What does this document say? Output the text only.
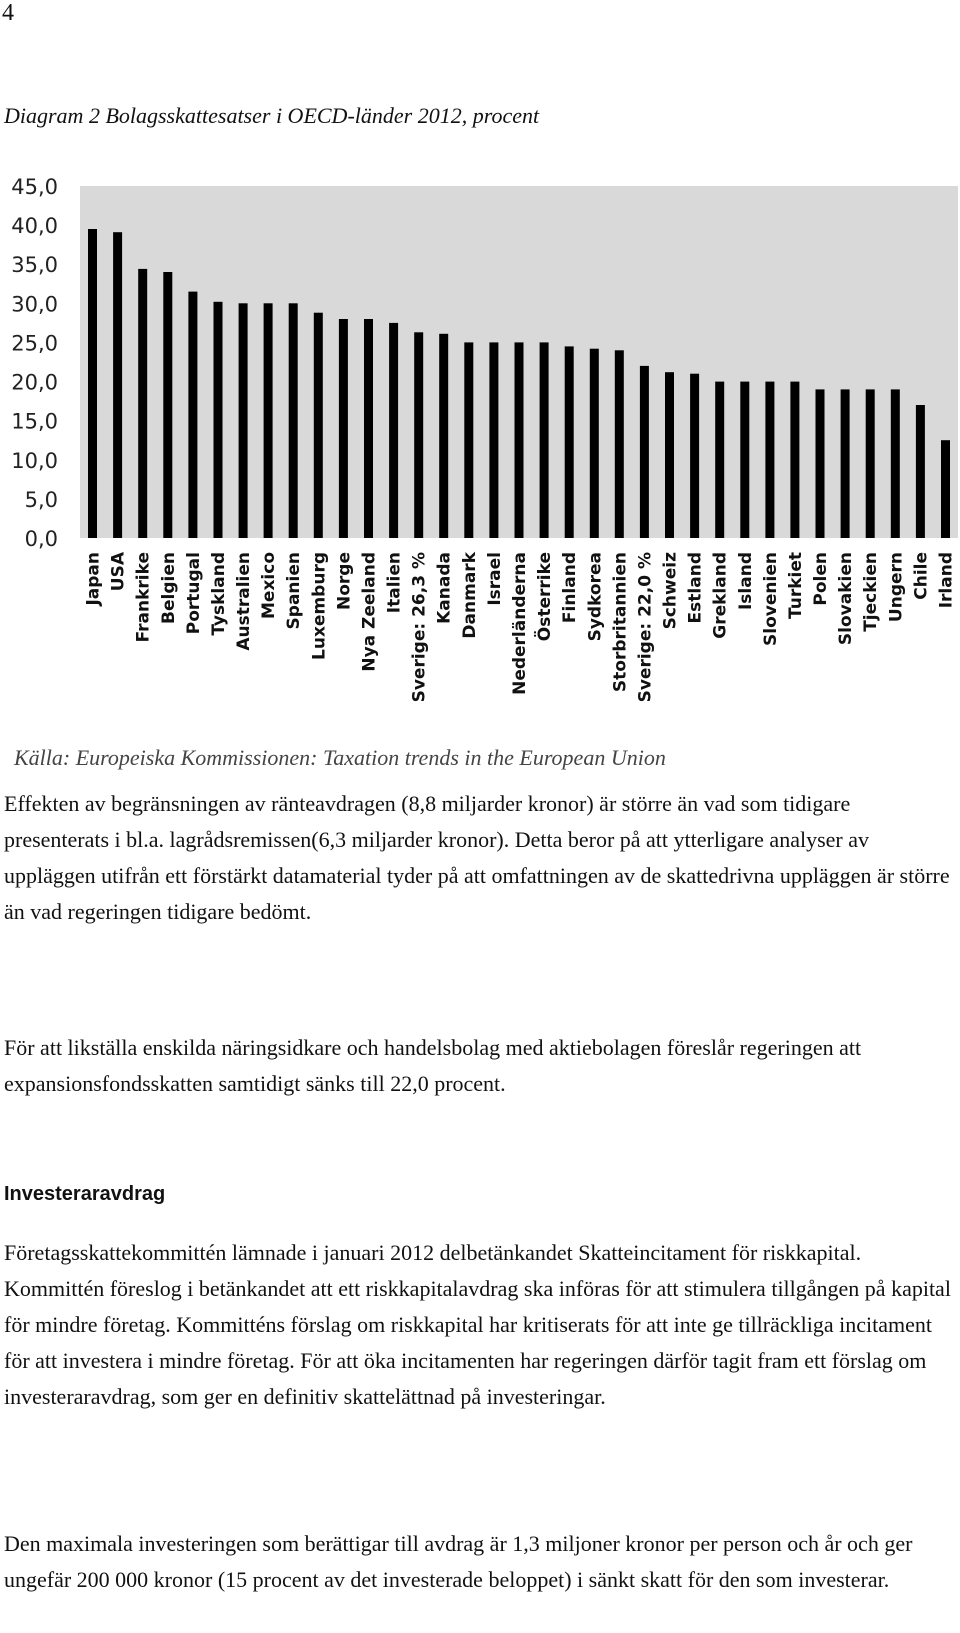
4
Diagram 2 Bolagsskattesatser i OECD-länder 2012, procent
0,0
5,0
10,0
15,0
20,0
25,0
30,0
35,0
40,0
45,0
Japan USA Frankrike Belgien Portugal Tyskland Australien Mexico Spanien Luxemburg Norge Nya Zeeland Italien Sverige: 26,3 % Kanada Danmark Israel Nederländerna Österrike Finland Sydkorea Storbritannien Sverige: 22,0 % Schweiz Estland Grekland Island Slovenien Turkiet Polen Slovakien Tjeckien Ungern Chile Irland
Källa: Europeiska Kommissionen: Taxation trends in the European Union

Effekten av begränsningen av ränteavdragen (8,8 miljarder kronor) är större än vad som tidigare presenterats i bl.a. lagrådsremissen(6,3 miljarder kronor). Detta beror på att ytterligare analyser av uppläggen utifrån ett förstärkt datamaterial tyder på att omfattningen av de skattedrivna uppläggen är större än vad regeringen tidigare bedömt.

För att likställa enskilda näringsidkare och handelsbolag med aktiebolagen föreslår regeringen att expansionsfondsskatten samtidigt sänks till 22,0 procent.

Investeraravdrag

Företagsskattekommittén lämnade i januari 2012 delbetänkandet Skatteincitament för riskkapital. Kommittén föreslog i betänkandet att ett riskkapitalavdrag ska införas för att stimulera tillgången på kapital för mindre företag. Kommitténs förslag om riskkapital har kritiserats för att inte ge tillräckliga incitament för att investera i mindre företag. För att öka incitamenten har regeringen därför tagit fram ett förslag om investeraravdrag, som ger en definitiv skattelättnad på investeringar.

Den maximala investeringen som berättigar till avdrag är 1,3 miljoner kronor per person och år och ger ungefär 200 000 kronor (15 procent av det investerade beloppet) i sänkt skatt för den som investerar.
